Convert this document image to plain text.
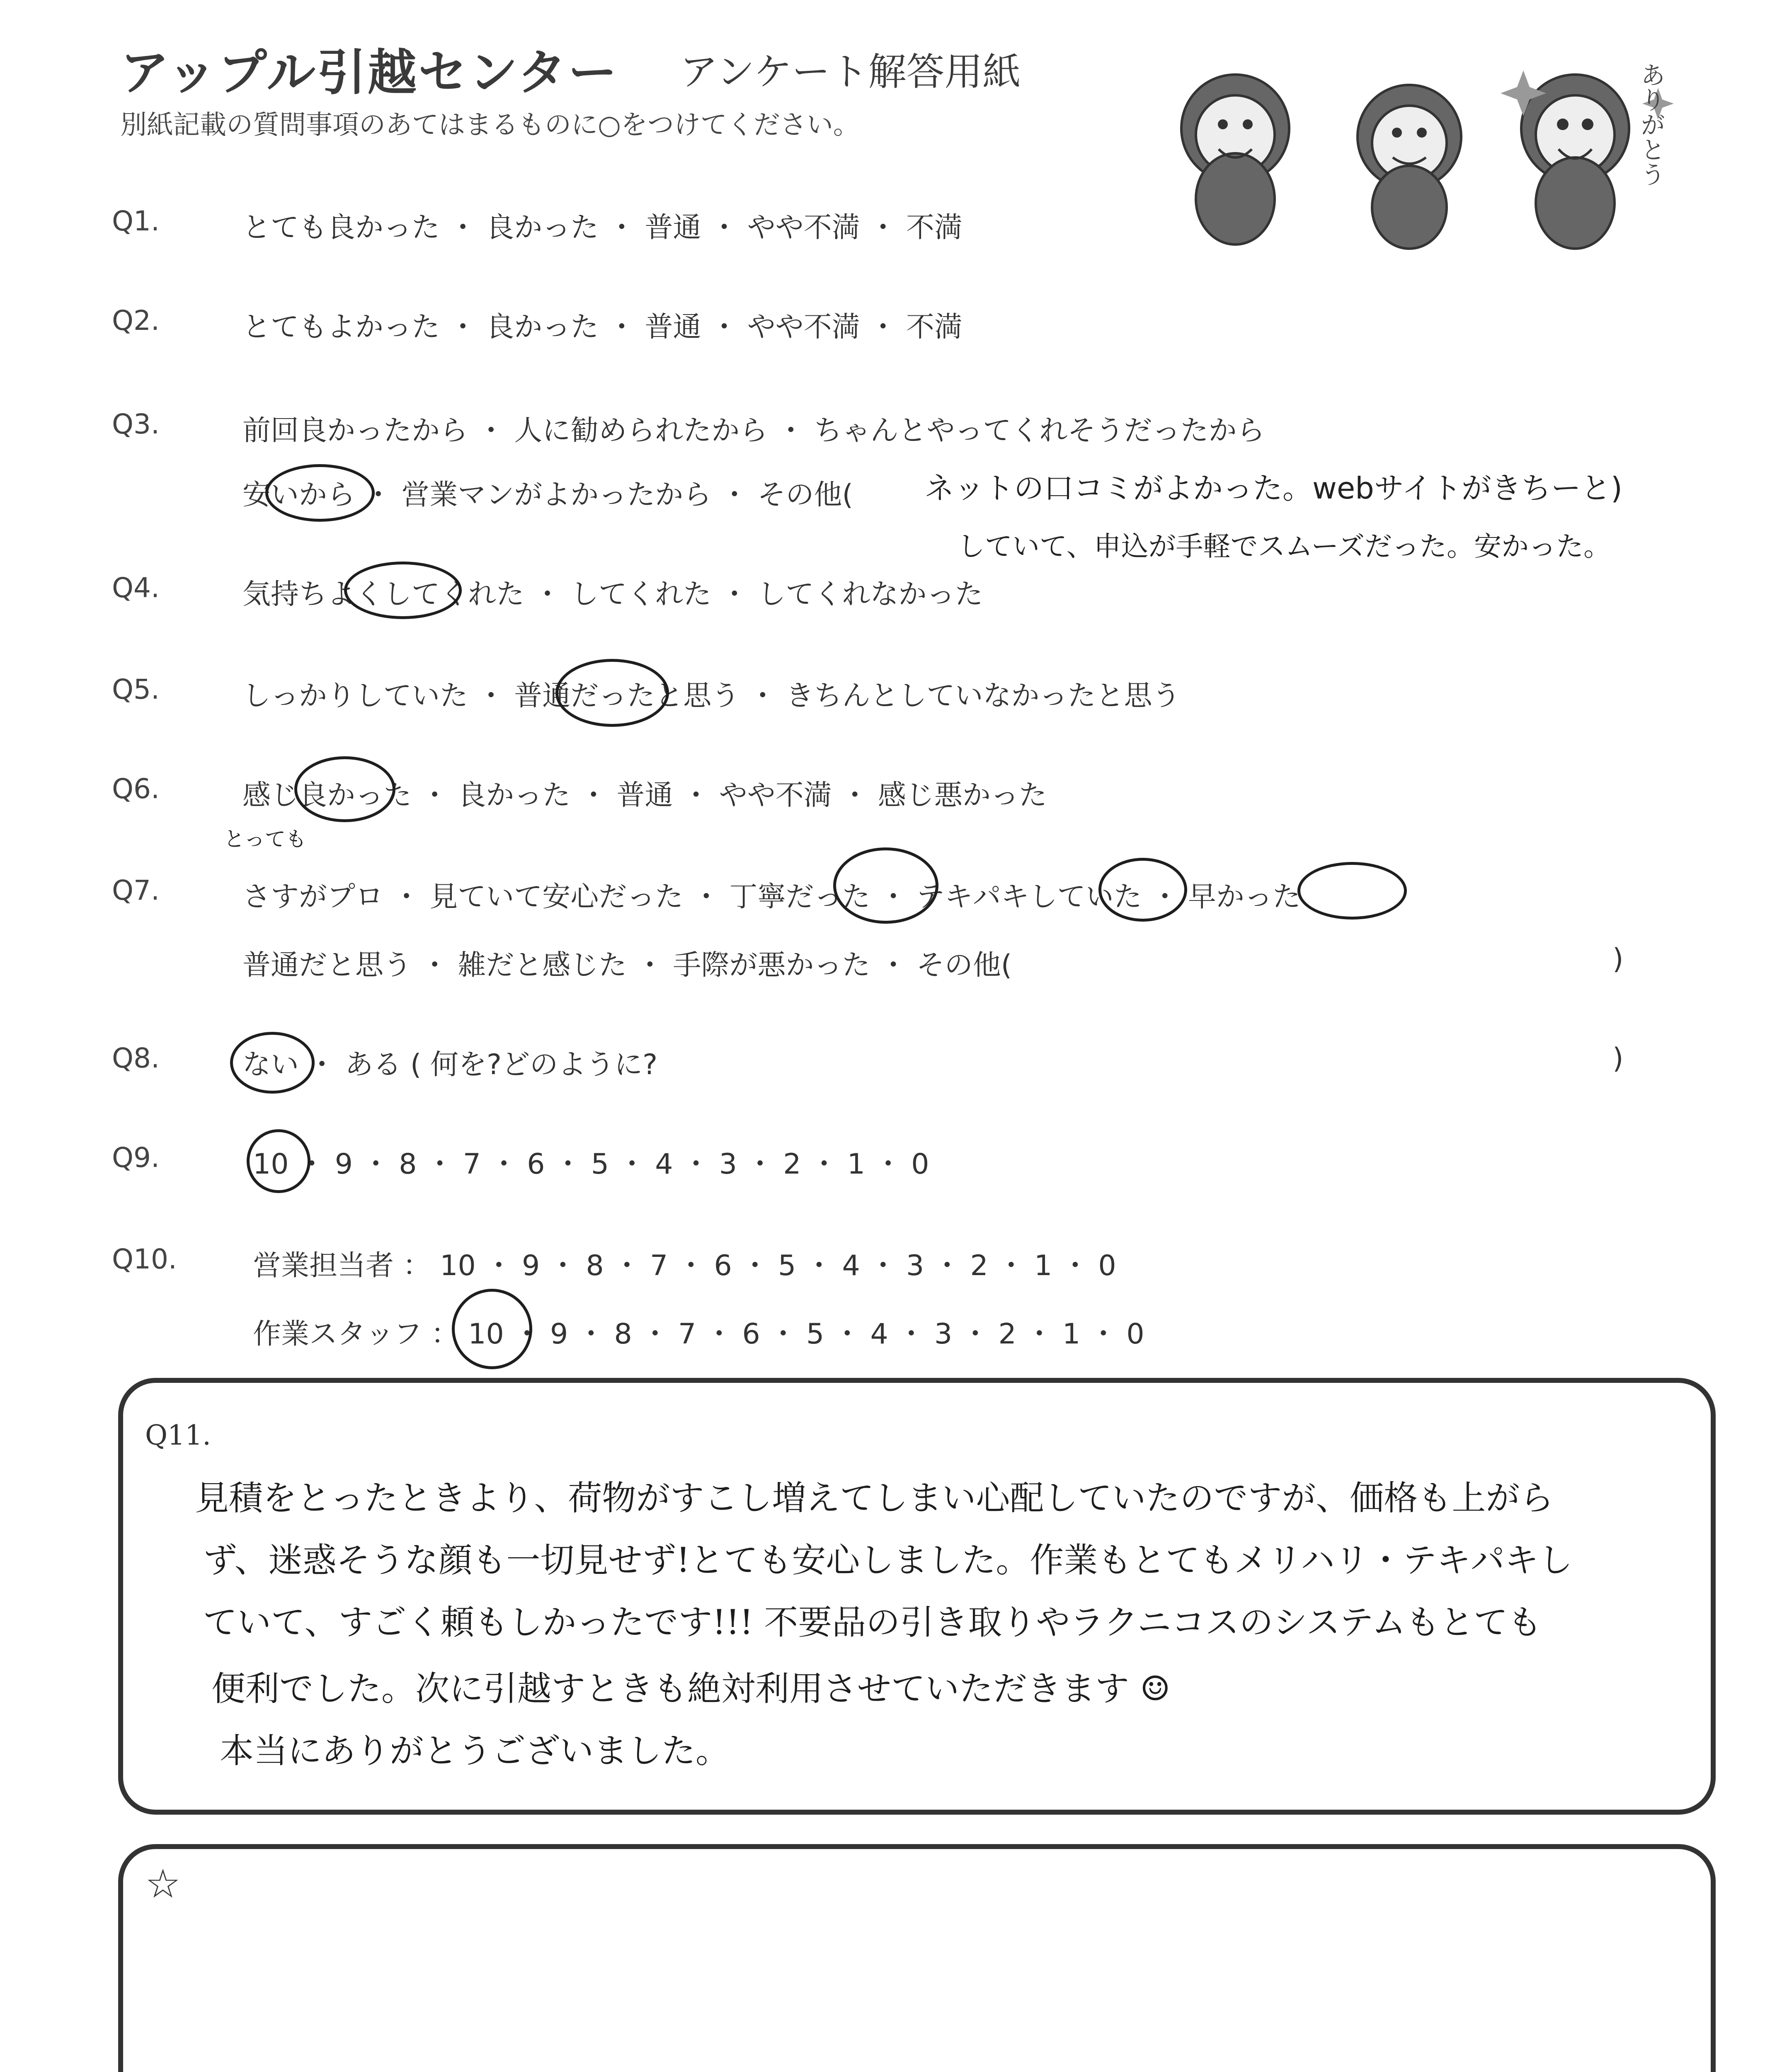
アップル引越センター アンケート解答用紙
別紙記載の質問事項のあてはまるものに○をつけてください。	ありがとう
Q1.	とても良かった ・ 良かった ・ 普通 ・ やや不満 ・ 不満
Q2.	とてもよかった ・ 良かった ・ 普通 ・ やや不満 ・ 不満
Q3.	前回良かったから ・ 人に勧められたから ・ ちゃんとやってくれそうだったから
安いから ・ 営業マンがよかったから ・ その他( ネットの口コミがよかった。webサイトがきちーと)
していて、申込が手軽でスムーズだった。安かった。
Q4.	気持ちよくしてくれた ・ してくれた ・ してくれなかった
Q5.	しっかりしていた ・ 普通だったと思う ・ きちんとしていなかったと思う
Q6.	感じ良かった ・ 良かった ・ 普通 ・ やや不満 ・ 感じ悪かった
とっても
Q7.	さすがプロ ・ 見ていて安心だった ・ 丁寧だった ・ テキパキしていた ・ 早かった
普通だと思う ・ 雑だと感じた ・ 手際が悪かった ・ その他(	)
Q8.	ない ・ ある ( 何を?どのように?	)
Q9.	10 ・ 9 ・ 8 ・ 7 ・ 6 ・ 5 ・ 4 ・ 3 ・ 2 ・ 1 ・ 0
Q10.	営業担当者 ： 10 ・ 9 ・ 8 ・ 7 ・ 6 ・ 5 ・ 4 ・ 3 ・ 2 ・ 1 ・ 0
作業スタッフ ： 10 ・ 9 ・ 8 ・ 7 ・ 6 ・ 5 ・ 4 ・ 3 ・ 2 ・ 1 ・ 0
Q11.
見積をとったときより、荷物がすこし増えてしまい心配していたのですが、価格も上がら
ず、迷惑そうな顔も一切見せず!とても安心しました。作業もとてもメリハリ・テキパキし
ていて、すごく頼もしかったです!!! 不要品の引き取りやラクニコスのシステムもとても
便利でした。次に引越すときも絶対利用させていただきます ☺
本当にありがとうございました。
☆
